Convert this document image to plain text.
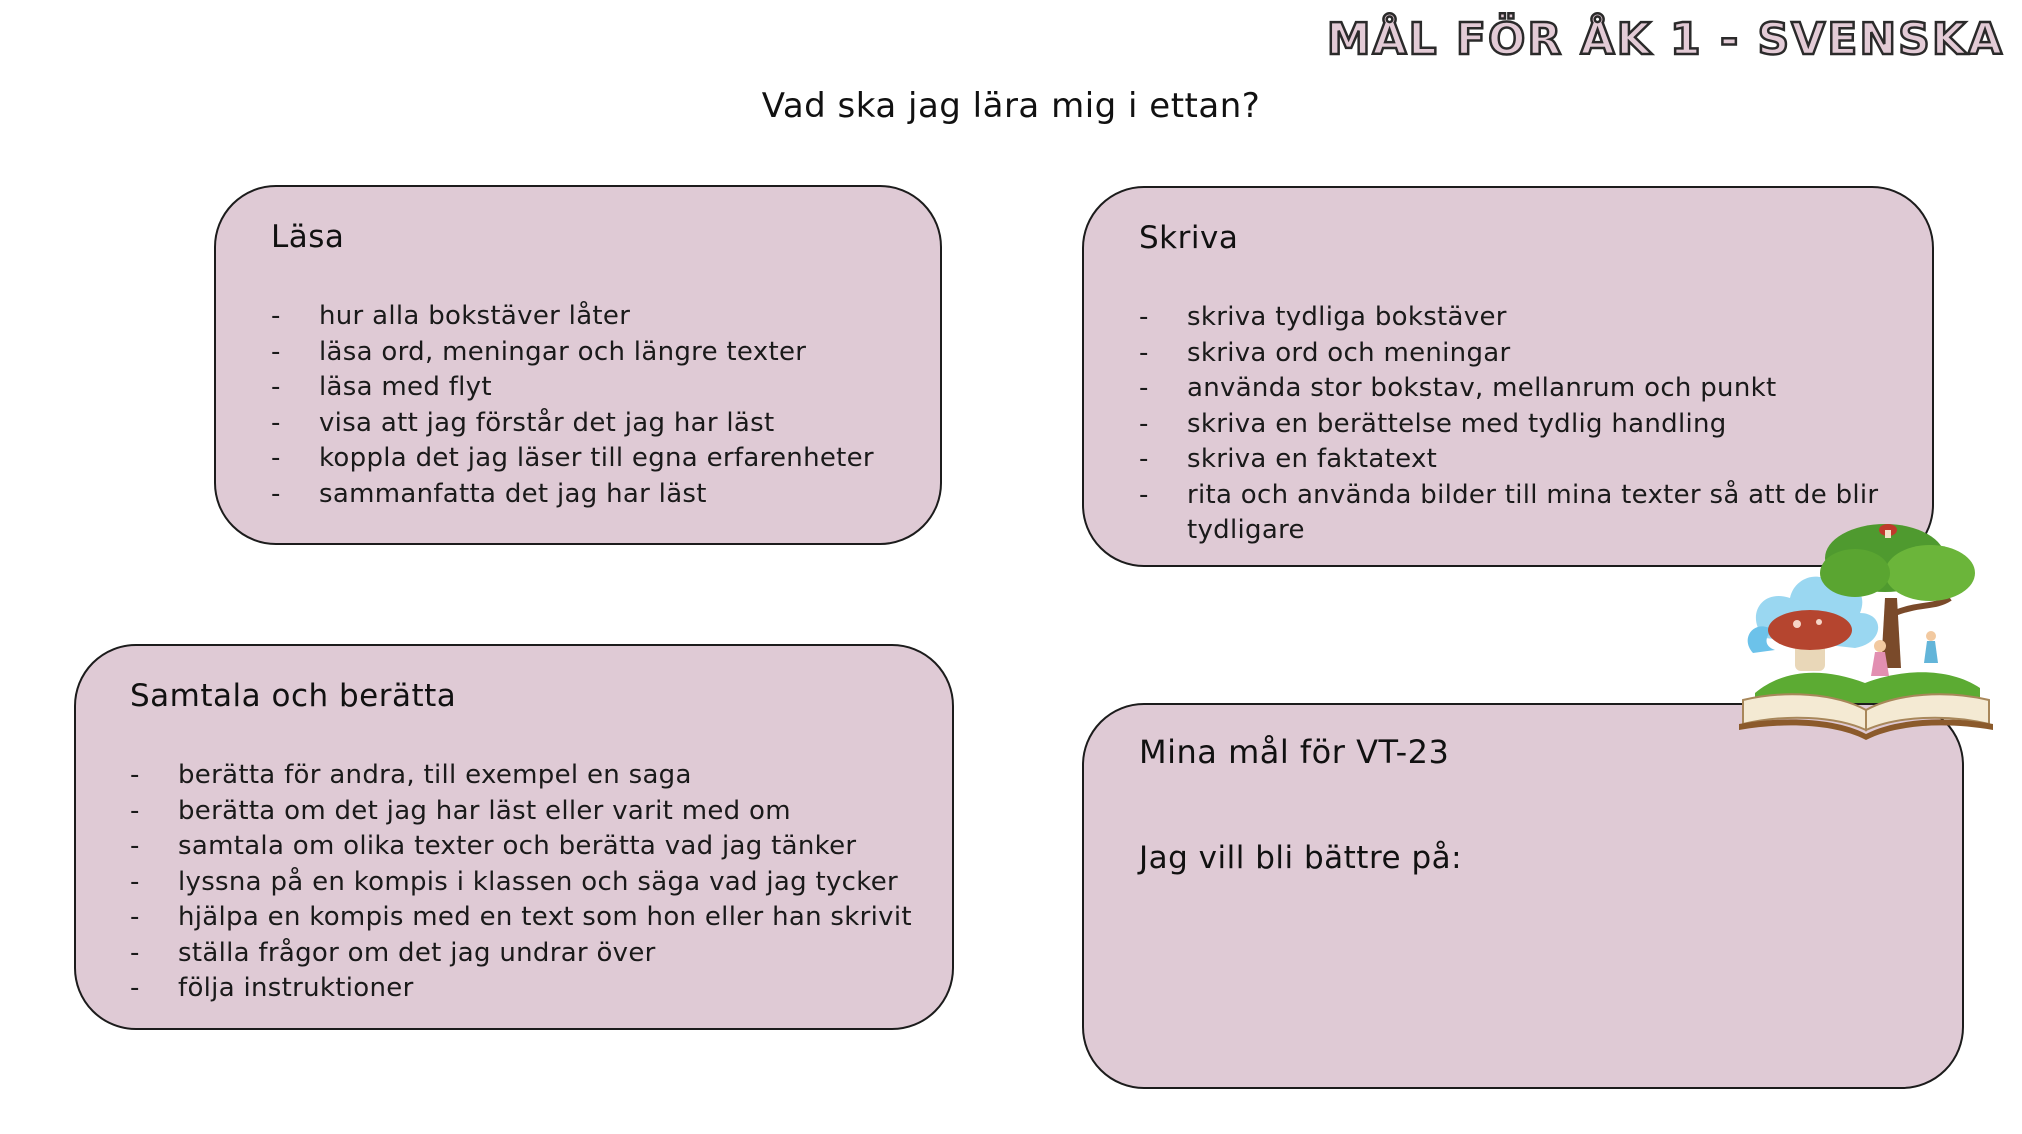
MÅL FÖR ÅK 1 - SVENSKA
Vad ska jag lära mig i ettan?
Läsa
- hur alla bokstäver låter
- läsa ord, meningar och längre texter
- läsa med flyt
- visa att jag förstår det jag har läst
- koppla det jag läser till egna erfarenheter
- sammanfatta det jag har läst
Skriva
- skriva tydliga bokstäver
- skriva ord och meningar
- använda stor bokstav, mellanrum och punkt
- skriva en berättelse med tydlig handling
- skriva en faktatext
- rita och använda bilder till mina texter så att de blir tydligare
Samtala och berätta
- berätta för andra, till exempel en saga
- berätta om det jag har läst eller varit med om
- samtala om olika texter och berätta vad jag tänker
- lyssna på en kompis i klassen och säga vad jag tycker
- hjälpa en kompis med en text som hon eller han skrivit
- ställa frågor om det jag undrar över
- följa instruktioner
Mina mål för VT-23
Jag vill bli bättre på:
